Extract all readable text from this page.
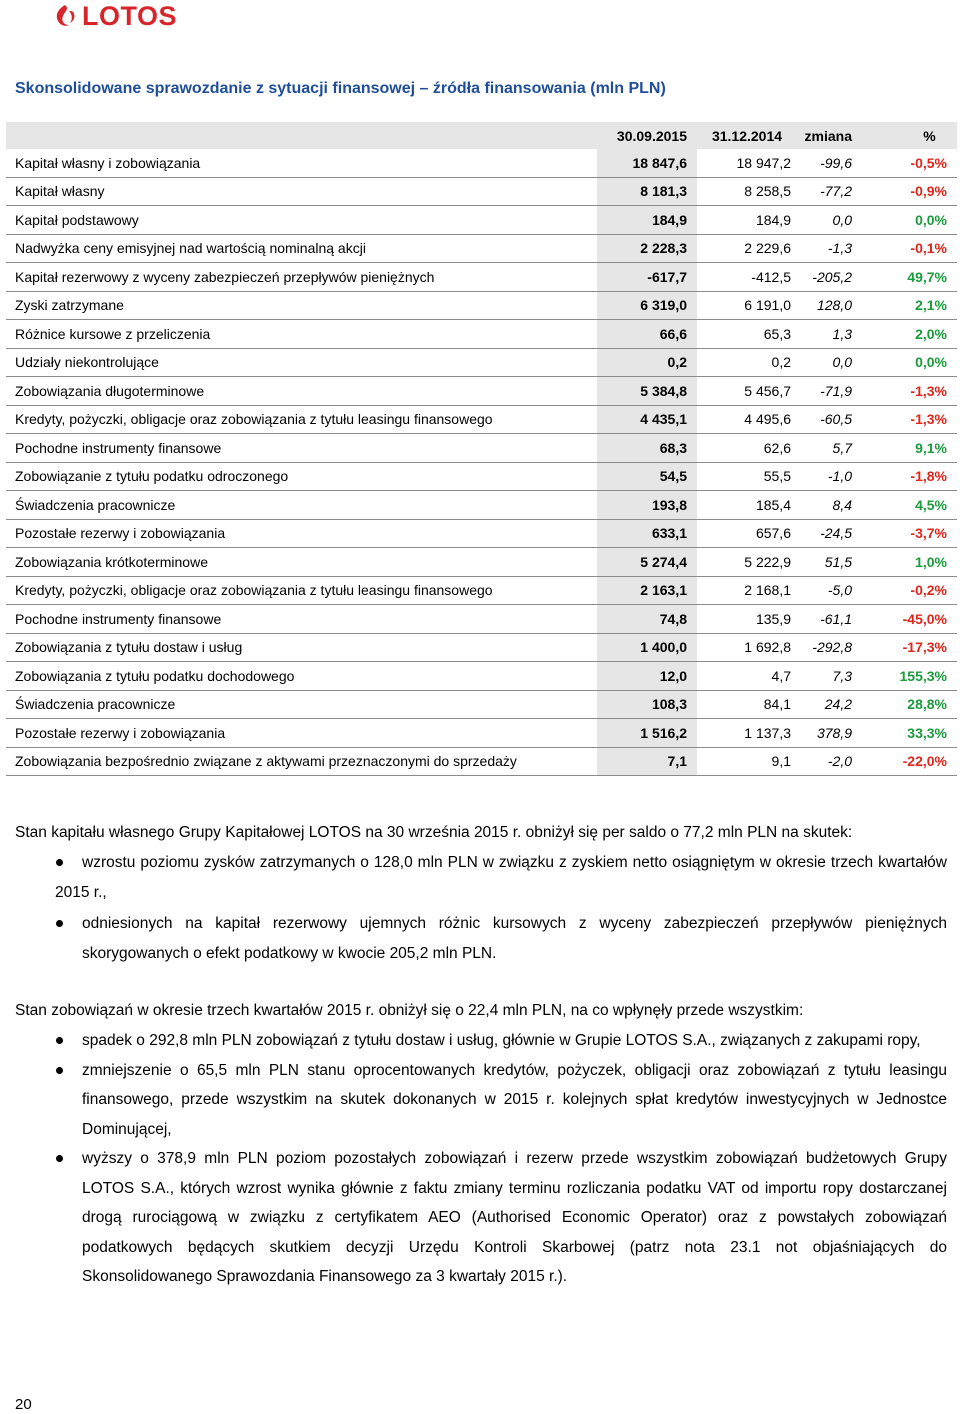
LOTOS
Skonsolidowane sprawozdanie z sytuacji finansowej – źródła finansowania (mln PLN)
	30.09.2015	31.12.2014	zmiana	%
Kapitał własny i zobowiązania	18 847,6	18 947,2	-99,6	-0,5%
Kapitał własny	8 181,3	8 258,5	-77,2	-0,9%
Kapitał podstawowy	184,9	184,9	0,0	0,0%
Nadwyżka ceny emisyjnej nad wartością nominalną akcji	2 228,3	2 229,6	-1,3	-0,1%
Kapitał rezerwowy z wyceny zabezpieczeń przepływów pieniężnych	-617,7	-412,5	-205,2	49,7%
Zyski zatrzymane	6 319,0	6 191,0	128,0	2,1%
Różnice kursowe z przeliczenia	66,6	65,3	1,3	2,0%
Udziały niekontrolujące	0,2	0,2	0,0	0,0%
Zobowiązania długoterminowe	5 384,8	5 456,7	-71,9	-1,3%
Kredyty, pożyczki, obligacje oraz zobowiązania z tytułu leasingu finansowego	4 435,1	4 495,6	-60,5	-1,3%
Pochodne instrumenty finansowe	68,3	62,6	5,7	9,1%
Zobowiązanie z tytułu podatku odroczonego	54,5	55,5	-1,0	-1,8%
Świadczenia pracownicze	193,8	185,4	8,4	4,5%
Pozostałe rezerwy i zobowiązania	633,1	657,6	-24,5	-3,7%
Zobowiązania krótkoterminowe	5 274,4	5 222,9	51,5	1,0%
Kredyty, pożyczki, obligacje oraz zobowiązania z tytułu leasingu finansowego	2 163,1	2 168,1	-5,0	-0,2%
Pochodne instrumenty finansowe	74,8	135,9	-61,1	-45,0%
Zobowiązania z tytułu dostaw i usług	1 400,0	1 692,8	-292,8	-17,3%
Zobowiązania z tytułu podatku dochodowego	12,0	4,7	7,3	155,3%
Świadczenia pracownicze	108,3	84,1	24,2	28,8%
Pozostałe rezerwy i zobowiązania	1 516,2	1 137,3	378,9	33,3%
Zobowiązania bezpośrednio związane z aktywami przeznaczonymi do sprzedaży	7,1	9,1	-2,0	-22,0%
Stan kapitału własnego Grupy Kapitałowej LOTOS na 30 września 2015 r. obniżył się per saldo o 77,2 mln PLN na skutek:
wzrostu poziomu zysków zatrzymanych o 128,0 mln PLN w związku z zyskiem netto osiągniętym w okresie trzech kwartałów 2015 r.,
odniesionych na kapitał rezerwowy ujemnych różnic kursowych z wyceny zabezpieczeń przepływów pieniężnych skorygowanych o efekt podatkowy w kwocie 205,2 mln PLN.
Stan zobowiązań w okresie trzech kwartałów 2015 r. obniżył się o 22,4 mln PLN, na co wpłynęły przede wszystkim:
spadek o 292,8 mln PLN zobowiązań z tytułu dostaw i usług, głównie w Grupie LOTOS S.A., związanych z zakupami ropy,
zmniejszenie o 65,5 mln PLN stanu oprocentowanych kredytów, pożyczek, obligacji oraz zobowiązań z tytułu leasingu finansowego, przede wszystkim na skutek dokonanych w 2015 r. kolejnych spłat kredytów inwestycyjnych w Jednostce Dominującej,
wyższy o 378,9 mln PLN poziom pozostałych zobowiązań i rezerw przede wszystkim zobowiązań budżetowych Grupy LOTOS S.A., których wzrost wynika głównie z faktu zmiany terminu rozliczania podatku VAT od importu ropy dostarczanej drogą rurociągową w związku z certyfikatem AEO (Authorised Economic Operator) oraz z powstałych zobowiązań podatkowych będących skutkiem decyzji Urzędu Kontroli Skarbowej (patrz nota 23.1 not objaśniających do Skonsolidowanego Sprawozdania Finansowego za 3 kwartały 2015 r.).
20
